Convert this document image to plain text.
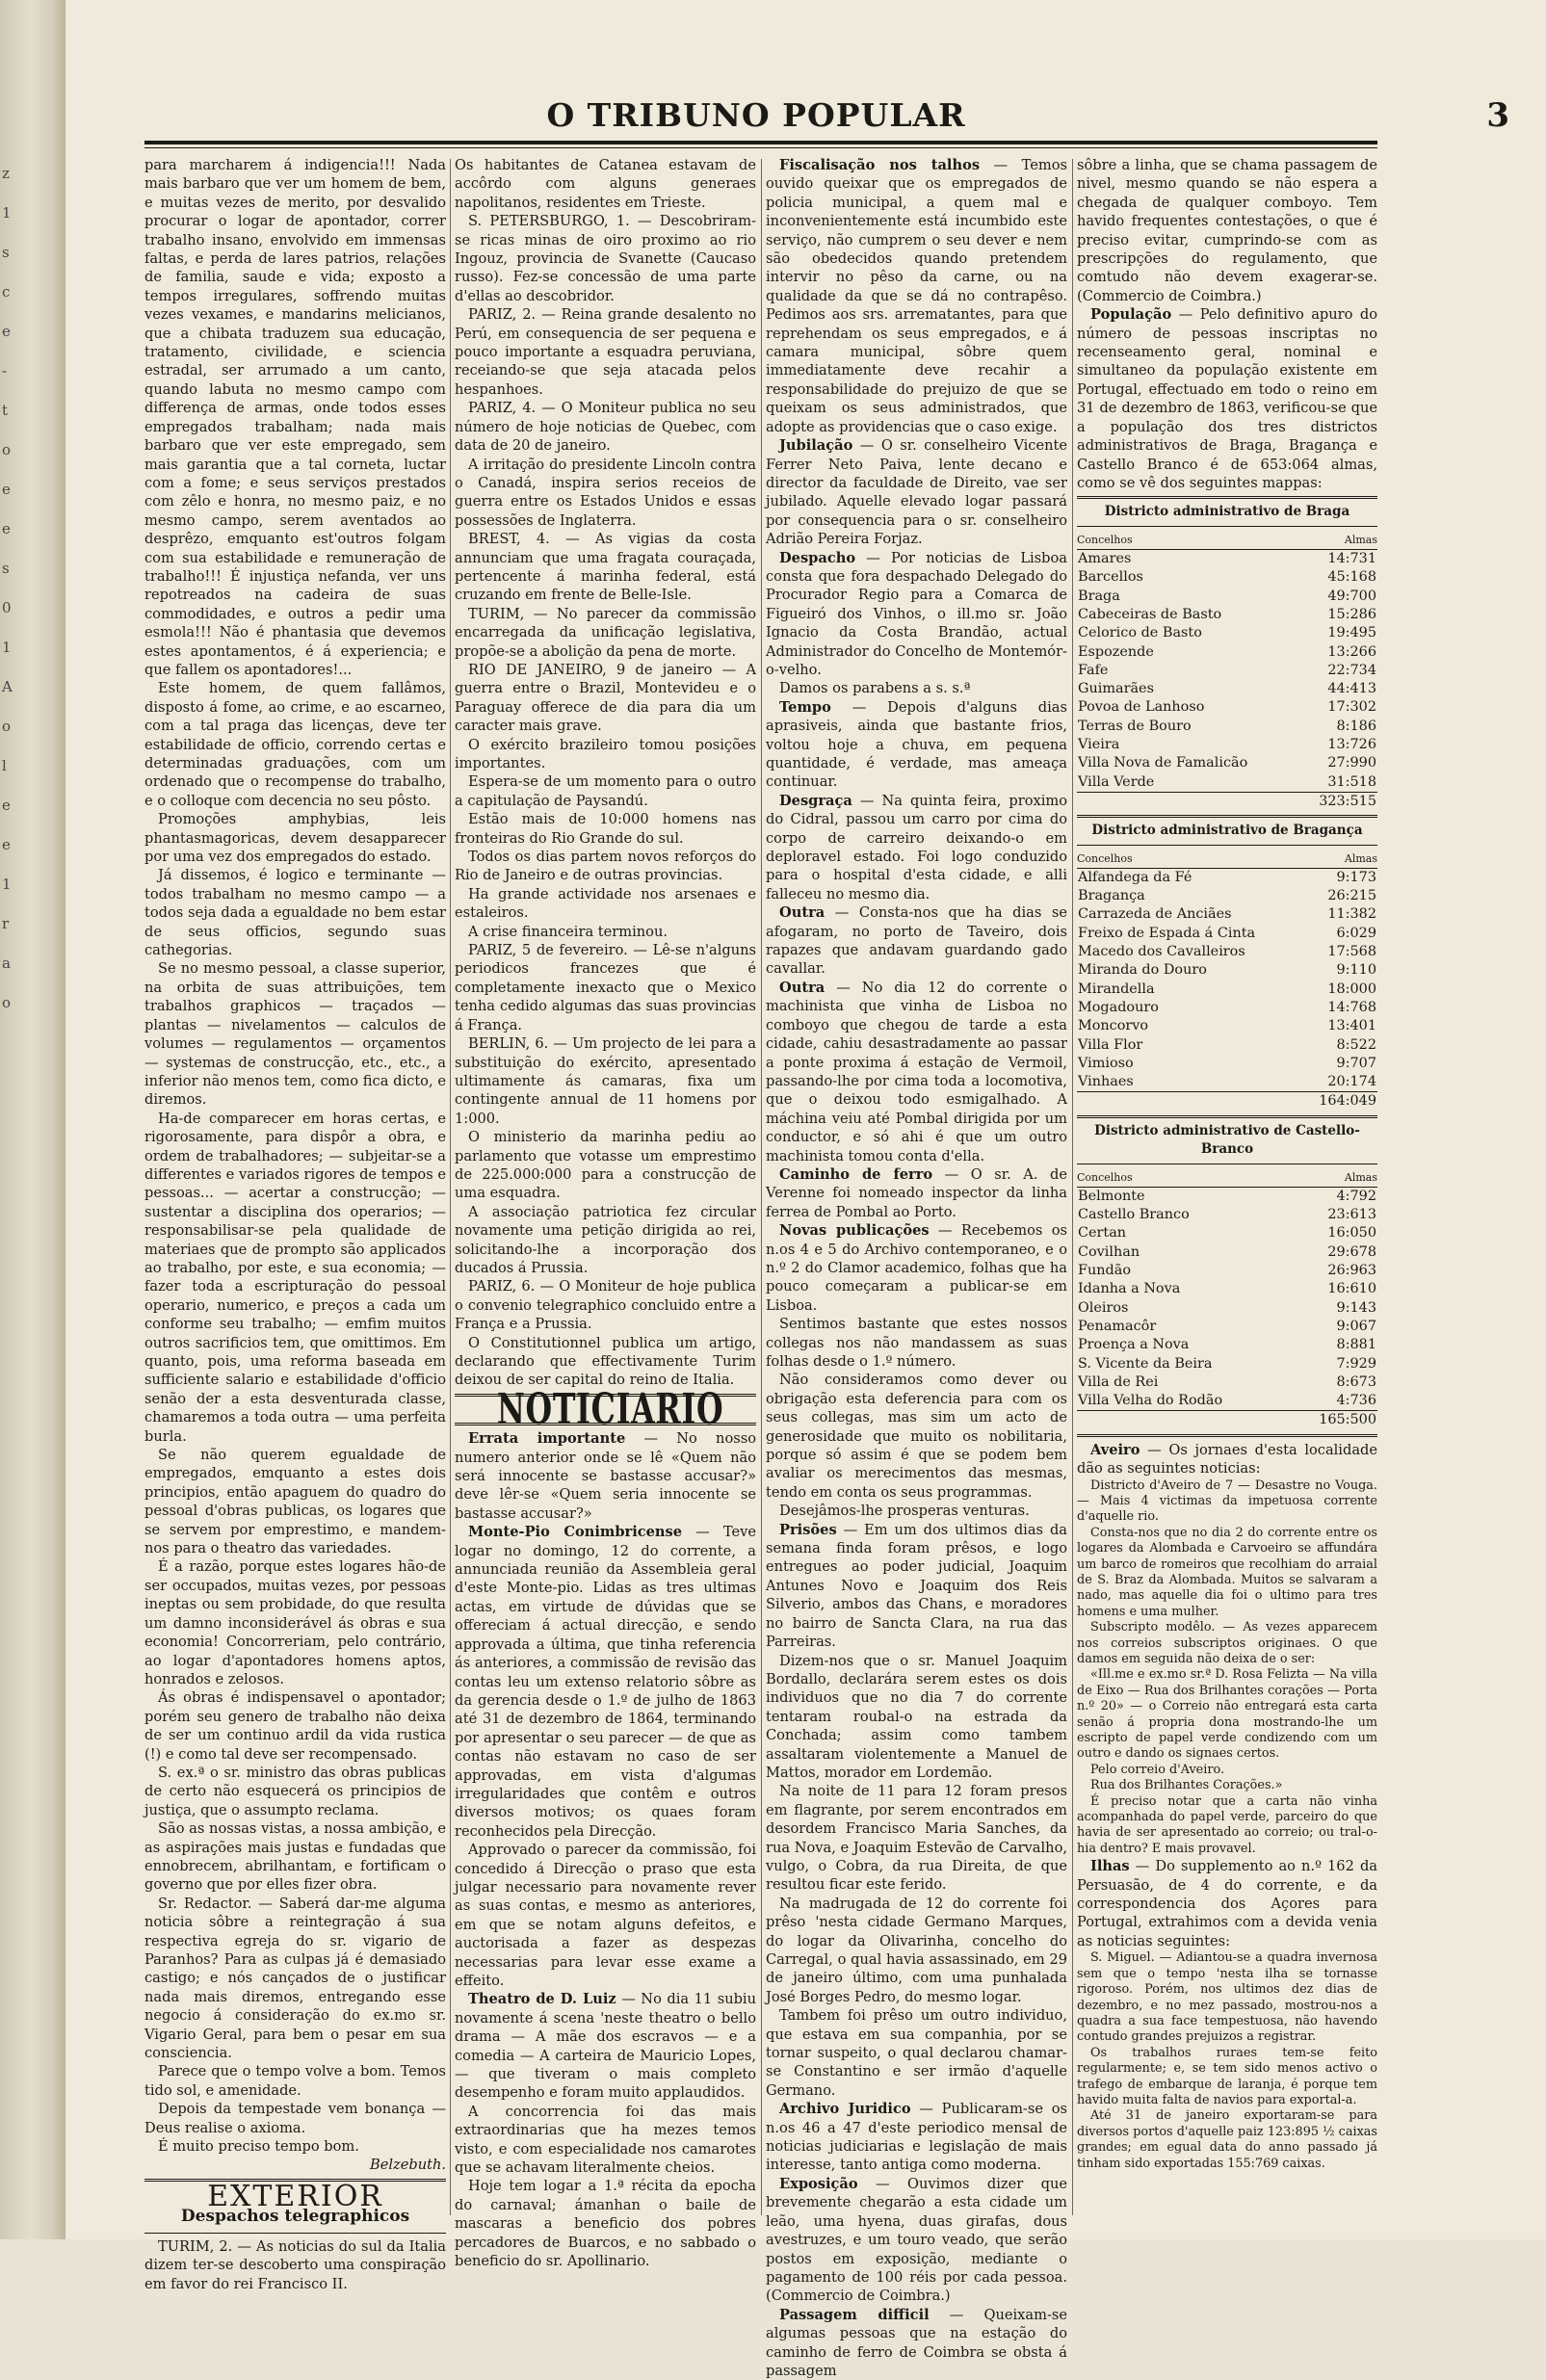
z
1
s
c
e
-
t
o
e
e
s
0
1
A
o
l
e
e
1
r
a
o
O TRIBUNO POPULAR	3

para marcharem á indigencia!!! Nada mais barbaro que ver um homem de bem, e muitas vezes de merito, por desvalido procurar o logar de apontador, correr trabalho insano, envolvido em immensas faltas, e perda de lares patrios, relações de familia, saude e vida; exposto a tempos irregulares, soffrendo muitas vezes vexames, e mandarins melicianos, que a chibata traduzem sua educação, tratamento, civilidade, e sciencia estradal, ser arrumado a um canto, quando labuta no mesmo campo com differença de armas, onde todos esses empregados trabalham; nada mais barbaro que ver este empregado, sem mais garantia que a tal corneta, luctar com a fome; e seus serviços prestados com zêlo e honra, no mesmo paiz, e no mesmo campo, serem aventados ao desprêzo, emquanto est'outros folgam com sua estabilidade e remuneração de trabalho!!! É injustiça nefanda, ver uns repotreados na cadeira de suas commodidades, e outros a pedir uma esmola!!! Não é phantasia que devemos estes apontamentos, é á experiencia; e que fallem os apontadores!...

Este homem, de quem fallâmos, disposto á fome, ao crime, e ao escarneo, com a tal praga das licenças, deve ter estabilidade de officio, correndo certas e determinadas graduações, com um ordenado que o recompense do trabalho, e o colloque com decencia no seu pôsto.

Promoções amphybias, leis phantasmagoricas, devem desapparecer por uma vez dos empregados do estado.

Já dissemos, é logico e terminante — todos trabalham no mesmo campo — a todos seja dada a egualdade no bem estar de seus officios, segundo suas cathegorias.

Se no mesmo pessoal, a classe superior, na orbita de suas attribuições, tem trabalhos graphicos — traçados — plantas — nivelamentos — calculos de volumes — regulamentos — orçamentos — systemas de construcção, etc., etc., a inferior não menos tem, como fica dicto, e diremos.

Ha-de comparecer em horas certas, e rigorosamente, para dispôr a obra, e ordem de trabalhadores; — subjeitar-se a differentes e variados rigores de tempos e pessoas... — acertar a construcção; — sustentar a disciplina dos operarios; — responsabilisar-se pela qualidade de materiaes que de prompto são applicados ao trabalho, por este, e sua economia; — fazer toda a escripturação do pessoal operario, numerico, e preços a cada um conforme seu trabalho; — emfim muitos outros sacrificios tem, que omittimos. Em quanto, pois, uma reforma baseada em sufficiente salario e estabilidade d'officio senão der a esta desventurada classe, chamaremos a toda outra — uma perfeita burla.

Se não querem egualdade de empregados, emquanto a estes dois principios, então apaguem do quadro do pessoal d'obras publicas, os logares que se servem por emprestimo, e mandem-nos para o theatro das variedades.

É a razão, porque estes logares hão-de ser occupados, muitas vezes, por pessoas ineptas ou sem probidade, do que resulta um damno inconsiderável ás obras e sua economia! Concorreriam, pelo contrário, ao logar d'apontadores homens aptos, honrados e zelosos.

Ás obras é indispensavel o apontador; porém seu genero de trabalho não deixa de ser um continuo ardil da vida rustica (!) e como tal deve ser recompensado.

S. ex.ª o sr. ministro das obras publicas de certo não esquecerá os principios de justiça, que o assumpto reclama.

São as nossas vistas, a nossa ambição, e as aspirações mais justas e fundadas que ennobrecem, abrilhantam, e fortificam o governo que por elles fizer obra.

Sr. Redactor. — Saberá dar-me alguma noticia sôbre a reintegração á sua respectiva egreja do sr. vigario de Paranhos? Para as culpas já é demasiado castigo; e nós cançados de o justificar nada mais diremos, entregando esse negocio á consideração do ex.mo sr. Vigario Geral, para bem o pesar em sua consciencia.

Parece que o tempo volve a bom. Temos tido sol, e amenidade.

Depois da tempestade vem bonança — Deus realise o axioma.

É muito preciso tempo bom.

Belzebuth.

EXTERIOR
Despachos telegraphicos

TURIM, 2. — As noticias do sul da Italia dizem ter-se descoberto uma conspiração em favor do rei Francisco II.

Os habitantes de Catanea estavam de accôrdo com alguns generaes napolitanos, residentes em Trieste.

S. PETERSBURGO, 1. — Descobriram-se ricas minas de oiro proximo ao rio Ingouz, provincia de Svanette (Caucaso russo). Fez-se concessão de uma parte d'ellas ao descobridor.

PARIZ, 2. — Reina grande desalento no Perú, em consequencia de ser pequena e pouco importante a esquadra peruviana, receiando-se que seja atacada pelos hespanhoes.

PARIZ, 4. — O Moniteur publica no seu número de hoje noticias de Quebec, com data de 20 de janeiro.

A irritação do presidente Lincoln contra o Canadá, inspira serios receios de guerra entre os Estados Unidos e essas possessões de Inglaterra.

BREST, 4. — As vigias da costa annunciam que uma fragata couraçada, pertencente á marinha federal, está cruzando em frente de Belle-Isle.

TURIM, — No parecer da commissão encarregada da unificação legislativa, propõe-se a abolição da pena de morte.

RIO DE JANEIRO, 9 de janeiro — A guerra entre o Brazil, Montevideu e o Paraguay offerece de dia para dia um caracter mais grave.

O exército brazileiro tomou posições importantes.

Espera-se de um momento para o outro a capitulação de Paysandú.

Estão mais de 10:000 homens nas fronteiras do Rio Grande do sul.

Todos os dias partem novos reforços do Rio de Janeiro e de outras provincias.

Ha grande actividade nos arsenaes e estaleiros.

A crise financeira terminou.

PARIZ, 5 de fevereiro. — Lê-se n'alguns periodicos francezes que é completamente inexacto que o Mexico tenha cedido algumas das suas provincias á França.

BERLIN, 6. — Um projecto de lei para a substituição do exército, apresentado ultimamente ás camaras, fixa um contingente annual de 11 homens por 1:000.

O ministerio da marinha pediu ao parlamento que votasse um emprestimo de 225.000:000 para a construcção de uma esquadra.

A associação patriotica fez circular novamente uma petição dirigida ao rei, solicitando-lhe a incorporação dos ducados á Prussia.

PARIZ, 6. — O Moniteur de hoje publica o convenio telegraphico concluido entre a França e a Prussia.

O Constitutionnel publica um artigo, declarando que effectivamente Turim deixou de ser capital do reino de Italia.

NOTICIARIO

Errata importante — No nosso numero anterior onde se lê «Quem não será innocente se bastasse accusar?» deve lêr-se «Quem seria innocente se bastasse accusar?»

Monte-Pio Conimbricense — Teve logar no domingo, 12 do corrente, a annunciada reunião da Assembleia geral d'este Monte-pio. Lidas as tres ultimas actas, em virtude de dúvidas que se offereciam á actual direcção, e sendo approvada a última, que tinha referencia ás anteriores, a commissão de revisão das contas leu um extenso relatorio sôbre as da gerencia desde o 1.º de julho de 1863 até 31 de dezembro de 1864, terminando por apresentar o seu parecer — de que as contas não estavam no caso de ser approvadas, em vista d'algumas irregularidades que contêm e outros diversos motivos; os quaes foram reconhecidos pela Direcção.

Approvado o parecer da commissão, foi concedido á Direcção o praso que esta julgar necessario para novamente rever as suas contas, e mesmo as anteriores, em que se notam alguns defeitos, e auctorisada a fazer as despezas necessarias para levar esse exame a effeito.

Theatro de D. Luiz — No dia 11 subiu novamente á scena 'neste theatro o bello drama — A mãe dos escravos — e a comedia — A carteira de Mauricio Lopes, — que tiveram o mais completo desempenho e foram muito applaudidos.

A concorrencia foi das mais extraordinarias que ha mezes temos visto, e com especialidade nos camarotes que se achavam literalmente cheios.

Hoje tem logar a 1.ª récita da epocha do carnaval; ámanhan o baile de mascaras a beneficio dos pobres percadores de Buarcos, e no sabbado o beneficio do sr. Apollinario.

Fiscalisação nos talhos — Temos ouvido queixar que os empregados de policia municipal, a quem mal e inconvenientemente está incumbido este serviço, não cumprem o seu dever e nem são obedecidos quando pretendem intervir no pêso da carne, ou na qualidade da que se dá no contrapêso. Pedimos aos srs. arrematantes, para que reprehendam os seus empregados, e á camara municipal, sôbre quem immediatamente deve recahir a responsabilidade do prejuizo de que se queixam os seus administrados, que adopte as providencias que o caso exige.

Jubilação — O sr. conselheiro Vicente Ferrer Neto Paiva, lente decano e director da faculdade de Direito, vae ser jubilado. Aquelle elevado logar passará por consequencia para o sr. conselheiro Adrião Pereira Forjaz.

Despacho — Por noticias de Lisboa consta que fora despachado Delegado do Procurador Regio para a Comarca de Figueiró dos Vinhos, o ill.mo sr. João Ignacio da Costa Brandão, actual Administrador do Concelho de Montemór-o-velho.

Damos os parabens a s. s.ª

Tempo — Depois d'alguns dias aprasiveis, ainda que bastante frios, voltou hoje a chuva, em pequena quantidade, é verdade, mas ameaça continuar.

Desgraça — Na quinta feira, proximo do Cidral, passou um carro por cima do corpo de carreiro deixando-o em deploravel estado. Foi logo conduzido para o hospital d'esta cidade, e alli falleceu no mesmo dia.

Outra — Consta-nos que ha dias se afogaram, no porto de Taveiro, dois rapazes que andavam guardando gado cavallar.

Outra — No dia 12 do corrente o machinista que vinha de Lisboa no comboyo que chegou de tarde a esta cidade, cahiu desastradamente ao passar a ponte proxima á estação de Vermoil, passando-lhe por cima toda a locomotiva, que o deixou todo esmigalhado. A máchina veiu até Pombal dirigida por um conductor, e só ahi é que um outro machinista tomou conta d'ella.

Caminho de ferro — O sr. A. de Verenne foi nomeado inspector da linha ferrea de Pombal ao Porto.

Novas publicações — Recebemos os n.os 4 e 5 do Archivo contemporaneo, e o n.º 2 do Clamor academico, folhas que ha pouco começaram a publicar-se em Lisboa.

Sentimos bastante que estes nossos collegas nos não mandassem as suas folhas desde o 1.º número.

Não consideramos como dever ou obrigação esta deferencia para com os seus collegas, mas sim um acto de generosidade que muito os nobilitaria, porque só assim é que se podem bem avaliar os merecimentos das mesmas, tendo em conta os seus programmas.

Desejâmos-lhe prosperas venturas.

Prisões — Em um dos ultimos dias da semana finda foram prêsos, e logo entregues ao poder judicial, Joaquim Antunes Novo e Joaquim dos Reis Silverio, ambos das Chans, e moradores no bairro de Sancta Clara, na rua das Parreiras.

Dizem-nos que o sr. Manuel Joaquim Bordallo, declarára serem estes os dois individuos que no dia 7 do corrente tentaram roubal-o na estrada da Conchada; assim como tambem assaltaram violentemente a Manuel de Mattos, morador em Lordemão.

Na noite de 11 para 12 foram presos em flagrante, por serem encontrados em desordem Francisco Maria Sanches, da rua Nova, e Joaquim Estevão de Carvalho, vulgo, o Cobra, da rua Direita, de que resultou ficar este ferido.

Na madrugada de 12 do corrente foi prêso 'nesta cidade Germano Marques, do logar da Olivarinha, concelho do Carregal, o qual havia assassinado, em 29 de janeiro último, com uma punhalada José Borges Pedro, do mesmo logar.

Tambem foi prêso um outro individuo, que estava em sua companhia, por se tornar suspeito, o qual declarou chamar-se Constantino e ser irmão d'aquelle Germano.

Archivo Juridico — Publicaram-se os n.os 46 a 47 d'este periodico mensal de noticias judiciarias e legislação de mais interesse, tanto antiga como moderna.

Exposição — Ouvimos dizer que brevemente chegarão a esta cidade um leão, uma hyena, duas girafas, dous avestruzes, e um touro veado, que serão postos em exposição, mediante o pagamento de 100 réis por cada pessoa. (Commercio de Coimbra.)

Passagem difficil — Queixam-se algumas pessoas que na estação do caminho de ferro de Coimbra se obsta á passagem

sôbre a linha, que se chama passagem de nivel, mesmo quando se não espera a chegada de qualquer comboyo. Tem havido frequentes contestações, o que é preciso evitar, cumprindo-se com as prescripções do regulamento, que comtudo não devem exagerar-se. (Commercio de Coimbra.)

População — Pelo definitivo apuro do número de pessoas inscriptas no recenseamento geral, nominal e simultaneo da população existente em Portugal, effectuado em todo o reino em 31 de dezembro de 1863, verificou-se que a população dos tres districtos administrativos de Braga, Bragança e Castello Branco é de 653:064 almas, como se vê dos seguintes mappas:

Districto administrativo de Braga
Concelhos	Almas
Amares	14:731
Barcellos	45:168
Braga	49:700
Cabeceiras de Basto	15:286
Celorico de Basto	19:495
Espozende	13:266
Fafe	22:734
Guimarães	44:413
Povoa de Lanhoso	17:302
Terras de Bouro	8:186
Vieira	13:726
Villa Nova de Famalicão	27:990
Villa Verde	31:518
	323:515
Districto administrativo de Bragança
Concelhos	Almas
Alfandega da Fé	9:173
Bragança	26:215
Carrazeda de Anciães	11:382
Freixo de Espada á Cinta	6:029
Macedo dos Cavalleiros	17:568
Miranda do Douro	9:110
Mirandella	18:000
Mogadouro	14:768
Moncorvo	13:401
Villa Flor	8:522
Vimioso	9:707
Vinhaes	20:174
	164:049
Districto administrativo de Castello-Branco
Concelhos	Almas
Belmonte	4:792
Castello Branco	23:613
Certan	16:050
Covilhan	29:678
Fundão	26:963
Idanha a Nova	16:610
Oleiros	9:143
Penamacôr	9:067
Proença a Nova	8:881
S. Vicente da Beira	7:929
Villa de Rei	8:673
Villa Velha do Rodão	4:736
	165:500

Aveiro — Os jornaes d'esta localidade dão as seguintes noticias:

Districto d'Aveiro de 7 — Desastre no Vouga. — Mais 4 victimas da impetuosa corrente d'aquelle rio.

Consta-nos que no dia 2 do corrente entre os logares da Alombada e Carvoeiro se affundára um barco de romeiros que recolhiam do arraial de S. Braz da Alombada. Muitos se salvaram a nado, mas aquelle dia foi o ultimo para tres homens e uma mulher.

Subscripto modêlo. — As vezes apparecem nos correios subscriptos originaes. O que damos em seguida não deixa de o ser:

«Ill.me e ex.mo sr.ª D. Rosa Felizta — Na villa de Eixo — Rua dos Brilhantes corações — Porta n.º 20» — o Correio não entregará esta carta senão á propria dona mostrando-lhe um escripto de papel verde condizendo com um outro e dando os signaes certos.

Pelo correio d'Aveiro.

Rua dos Brilhantes Corações.»

É preciso notar que a carta não vinha acompanhada do papel verde, parceiro do que havia de ser apresentado ao correio; ou tral-o-hia dentro? E mais provavel.

Ilhas — Do supplemento ao n.º 162 da Persuasão, de 4 do corrente, e da correspondencia dos Açores para Portugal, extrahimos com a devida venia as noticias seguintes:

S. Miguel. — Adiantou-se a quadra invernosa sem que o tempo 'nesta ilha se tornasse rigoroso. Porém, nos ultimos dez dias de dezembro, e no mez passado, mostrou-nos a quadra a sua face tempestuosa, não havendo contudo grandes prejuizos a registrar.

Os trabalhos ruraes tem-se feito regularmente; e, se tem sido menos activo o trafego de embarque de laranja, é porque tem havido muita falta de navios para exportal-a.

Até 31 de janeiro exportaram-se para diversos portos d'aquelle paiz 123:895 ½ caixas grandes; em egual data do anno passado já tinham sido exportadas 155:769 caixas.
